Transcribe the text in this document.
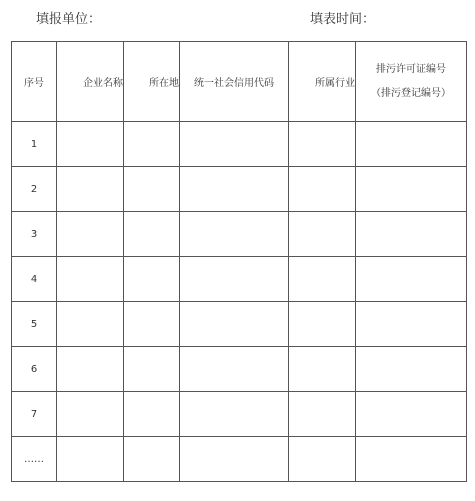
填报单位：	填表时间：
序号	企业名称	所在地	统一社会信用代码	所属行业	排污许可证编号
（排污登记编号）

1					
2					
3					
4					
5					
6					
7					
……					
